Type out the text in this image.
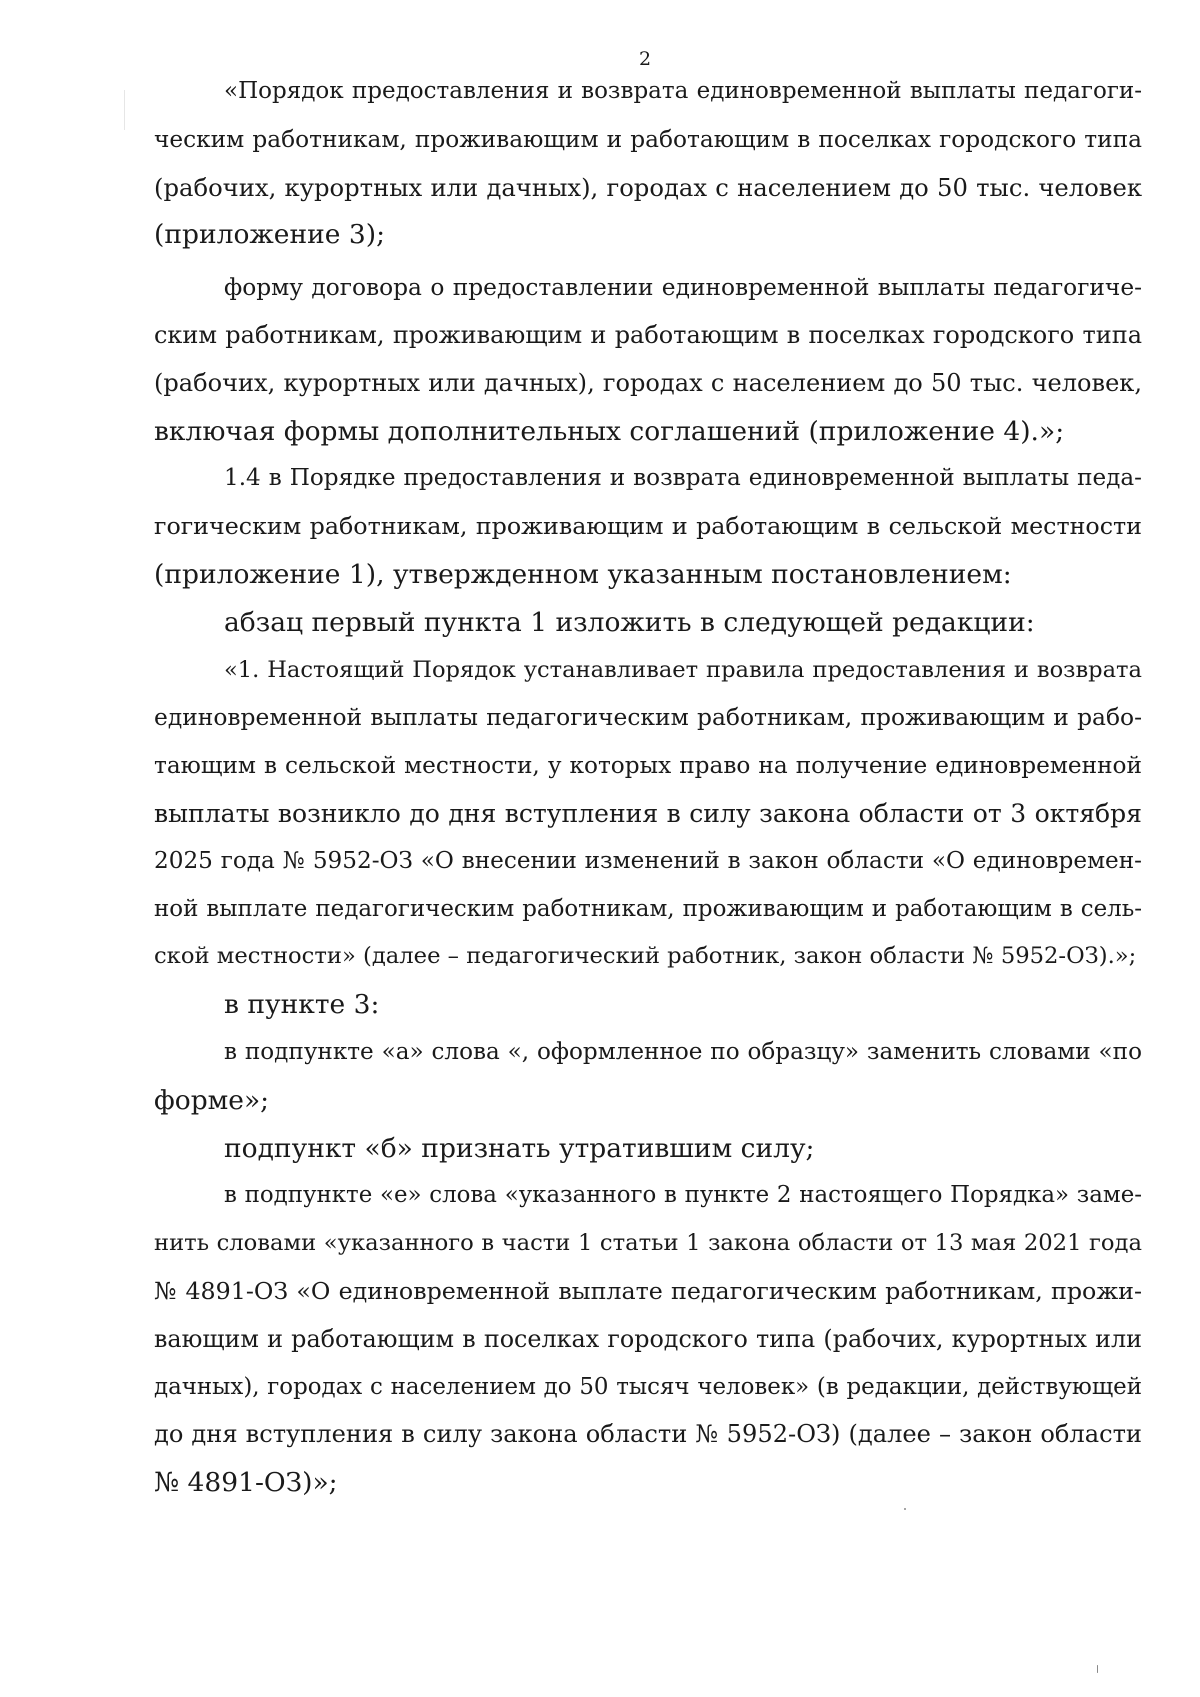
2
«Порядок предоставления и возврата единовременной выплаты педагоги-
ческим работникам, проживающим и работающим в поселках городского типа
(рабочих, курортных или дачных), городах с населением до 50 тыс. человек
(приложение 3);
форму договора о предоставлении единовременной выплаты педагогиче-
ским работникам, проживающим и работающим в поселках городского типа
(рабочих, курортных или дачных), городах с населением до 50 тыс. человек,
включая формы дополнительных соглашений (приложение 4).»;
1.4 в Порядке предоставления и возврата единовременной выплаты педа-
гогическим работникам, проживающим и работающим в сельской местности
(приложение 1), утвержденном указанным постановлением:
абзац первый пункта 1 изложить в следующей редакции:
«1. Настоящий Порядок устанавливает правила предоставления и возврата
единовременной выплаты педагогическим работникам, проживающим и рабо-
тающим в сельской местности, у которых право на получение единовременной
выплаты возникло до дня вступления в силу закона области от 3 октября
2025 года № 5952-ОЗ «О внесении изменений в закон области «О единовремен-
ной выплате педагогическим работникам, проживающим и работающим в сель-
ской местности» (далее – педагогический работник, закон области № 5952-ОЗ).»;
в пункте 3:
в подпункте «а» слова «, оформленное по образцу» заменить словами «по
форме»;
подпункт «б» признать утратившим силу;
в подпункте «е» слова «указанного в пункте 2 настоящего Порядка» заме-
нить словами «указанного в части 1 статьи 1 закона области от 13 мая 2021 года
№ 4891-ОЗ «О единовременной выплате педагогическим работникам, прожи-
вающим и работающим в поселках городского типа (рабочих, курортных или
дачных), городах с населением до 50 тысяч человек» (в редакции, действующей
до дня вступления в силу закона области № 5952-ОЗ) (далее – закон области
№ 4891-ОЗ)»;
